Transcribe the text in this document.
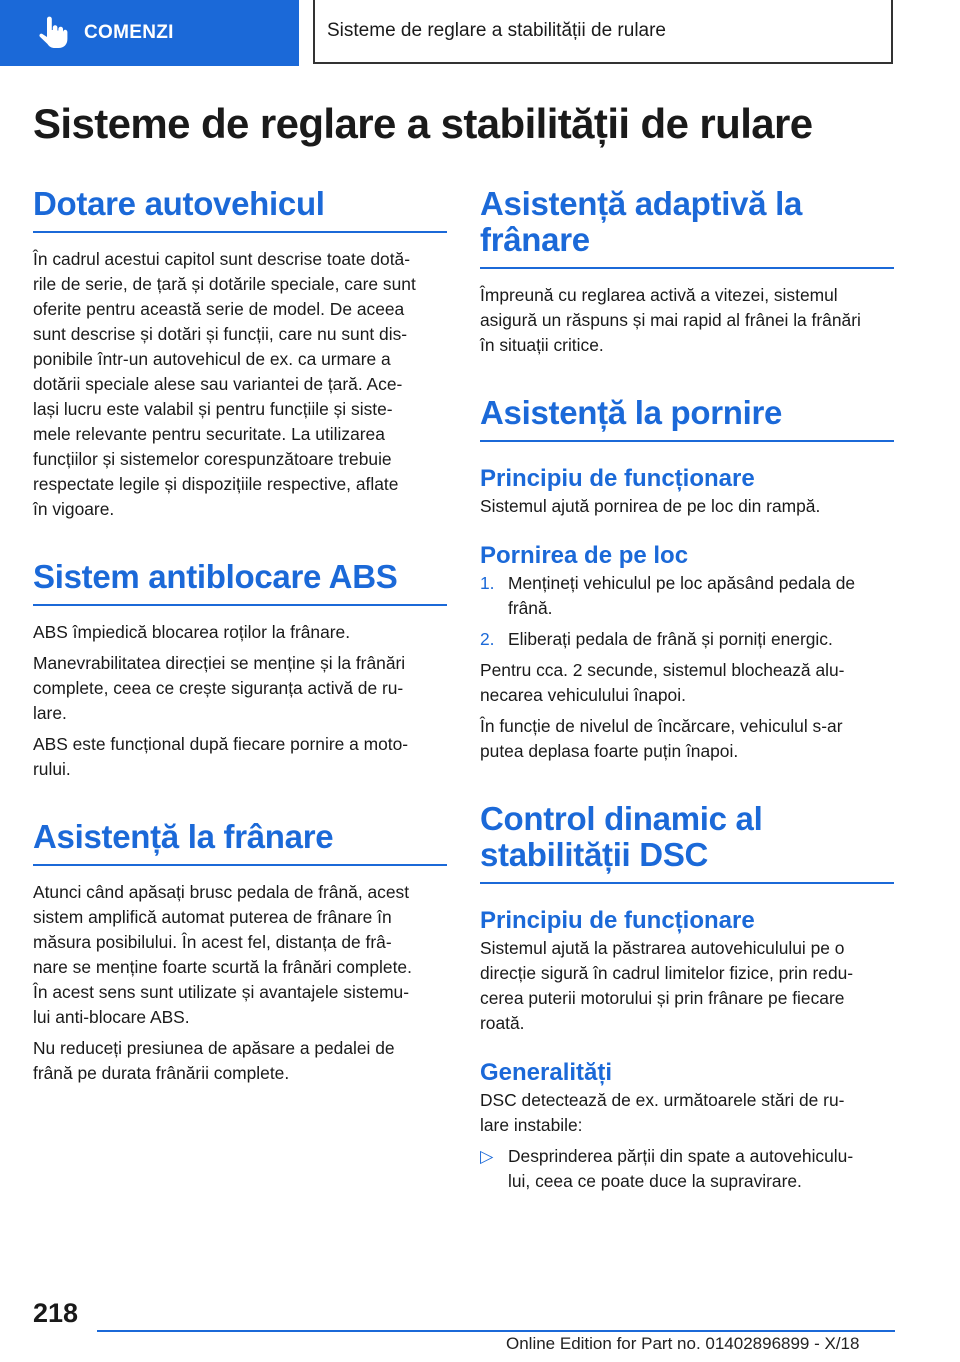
COMENZI	Sisteme de reglare a stabilității de rulare
Sisteme de reglare a stabilității de rulare
Dotare autovehicul

În cadrul acestui capitol sunt descrise toate dotă‐
rile de serie, de țară și dotările speciale, care sunt
oferite pentru această serie de model. De aceea
sunt descrise și dotări și funcții, care nu sunt dis‐
ponibile într-un autovehicul de ex. ca urmare a
dotării speciale alese sau variantei de țară. Ace‐
lași lucru este valabil și pentru funcțiile și siste‐
mele relevante pentru securitate. La utilizarea
funcțiilor și sistemelor corespunzătoare trebuie
respectate legile și dispozițiile respective, aflate
în vigoare.

Sistem antiblocare ABS

ABS împiedică blocarea roților la frânare.

Manevrabilitatea direcției se menține și la frânări
complete, ceea ce crește siguranța activă de ru‐
lare.

ABS este funcțional după fiecare pornire a moto‐
rului.

Asistență la frânare

Atunci când apăsați brusc pedala de frână, acest
sistem amplifică automat puterea de frânare în
măsura posibilului. În acest fel, distanța de frâ‐
nare se menține foarte scurtă la frânări complete.
În acest sens sunt utilizate și avantajele sistemu‐
lui anti-blocare ABS.

Nu reduceți presiunea de apăsare a pedalei de
frână pe durata frânării complete.

Asistență adaptivă la
frânare

Împreună cu reglarea activă a vitezei, sistemul
asigură un răspuns și mai rapid al frânei la frânări
în situații critice.

Asistență la pornire
Principiu de funcționare

Sistemul ajută pornirea de pe loc din rampă.

Pornirea de pe loc
1. Mențineți vehiculul pe loc apăsând pedala de
frână.
2. Eliberați pedala de frână și porniți energic.

Pentru cca. 2 secunde, sistemul blochează alu‐
necarea vehiculului înapoi.

În funcție de nivelul de încărcare, vehiculul s-ar
putea deplasa foarte puțin înapoi.

Control dinamic al
stabilității DSC
Principiu de funcționare

Sistemul ajută la păstrarea autovehiculului pe o
direcție sigură în cadrul limitelor fizice, prin redu‐
cerea puterii motorului și prin frânare pe fiecare
roată.

Generalități

DSC detectează de ex. următoarele stări de ru‐
lare instabile:

▷ Desprinderea părții din spate a autovehiculu‐
lui, ceea ce poate duce la supravirare.
218
Online Edition for Part no. 01402896899 - X/18
